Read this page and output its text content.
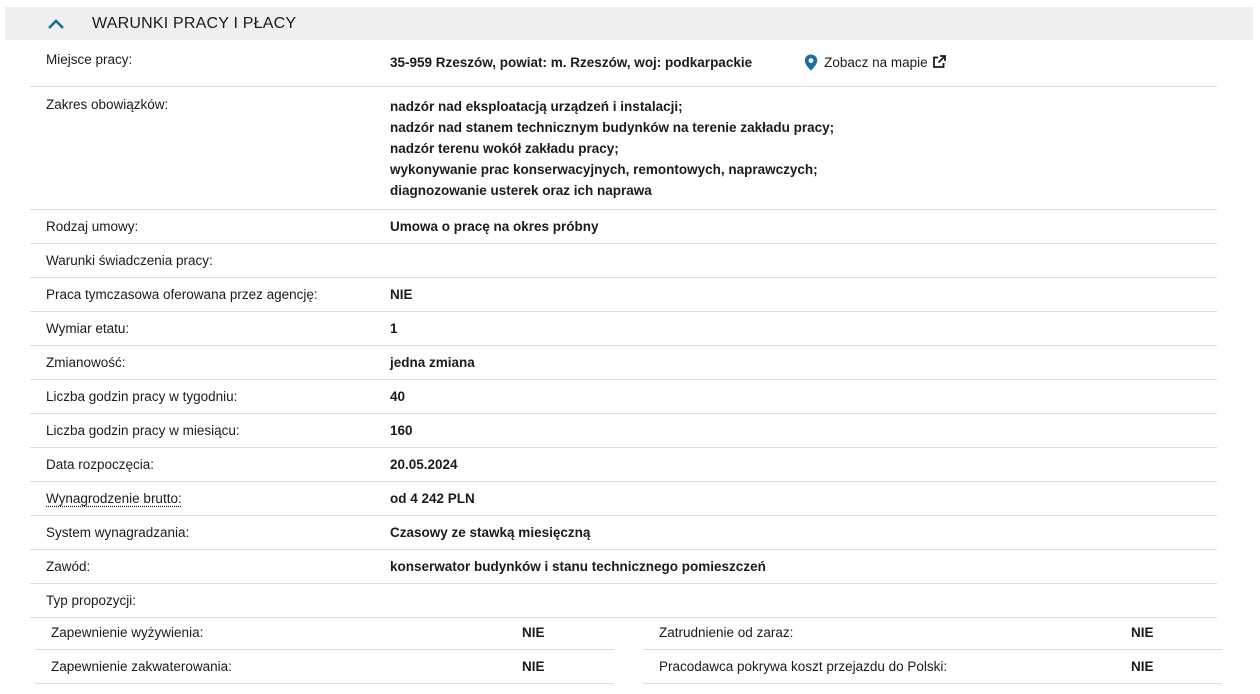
WARUNKI PRACY I PŁACY
Miejsce pracy:	35-959 Rzeszów, powiat: m. Rzeszów, woj: podkarpackie	Zobacz na mapie
Zakres obowiązków:	nadzór nad eksploatacją urządzeń i instalacji;
nadzór nad stanem technicznym budynków na terenie zakładu pracy;
nadzór terenu wokół zakładu pracy;
wykonywanie prac konserwacyjnych, remontowych, naprawczych;
diagnozowanie usterek oraz ich naprawa
Rodzaj umowy:	Umowa o pracę na okres próbny
Warunki świadczenia pracy:
Praca tymczasowa oferowana przez agencję:	NIE
Wymiar etatu:	1
Zmianowość:	jedna zmiana
Liczba godzin pracy w tygodniu:	40
Liczba godzin pracy w miesiącu:	160
Data rozpoczęcia:	20.05.2024
Wynagrodzenie brutto:	od 4 242 PLN
System wynagradzania:	Czasowy ze stawką miesięczną
Zawód:	konserwator budynków i stanu technicznego pomieszczeń
Typ propozycji:
Zapewnienie wyżywienia:	NIE	Zatrudnienie od zaraz:	NIE
Zapewnienie zakwaterowania:	NIE	Pracodawca pokrywa koszt przejazdu do Polski:	NIE
